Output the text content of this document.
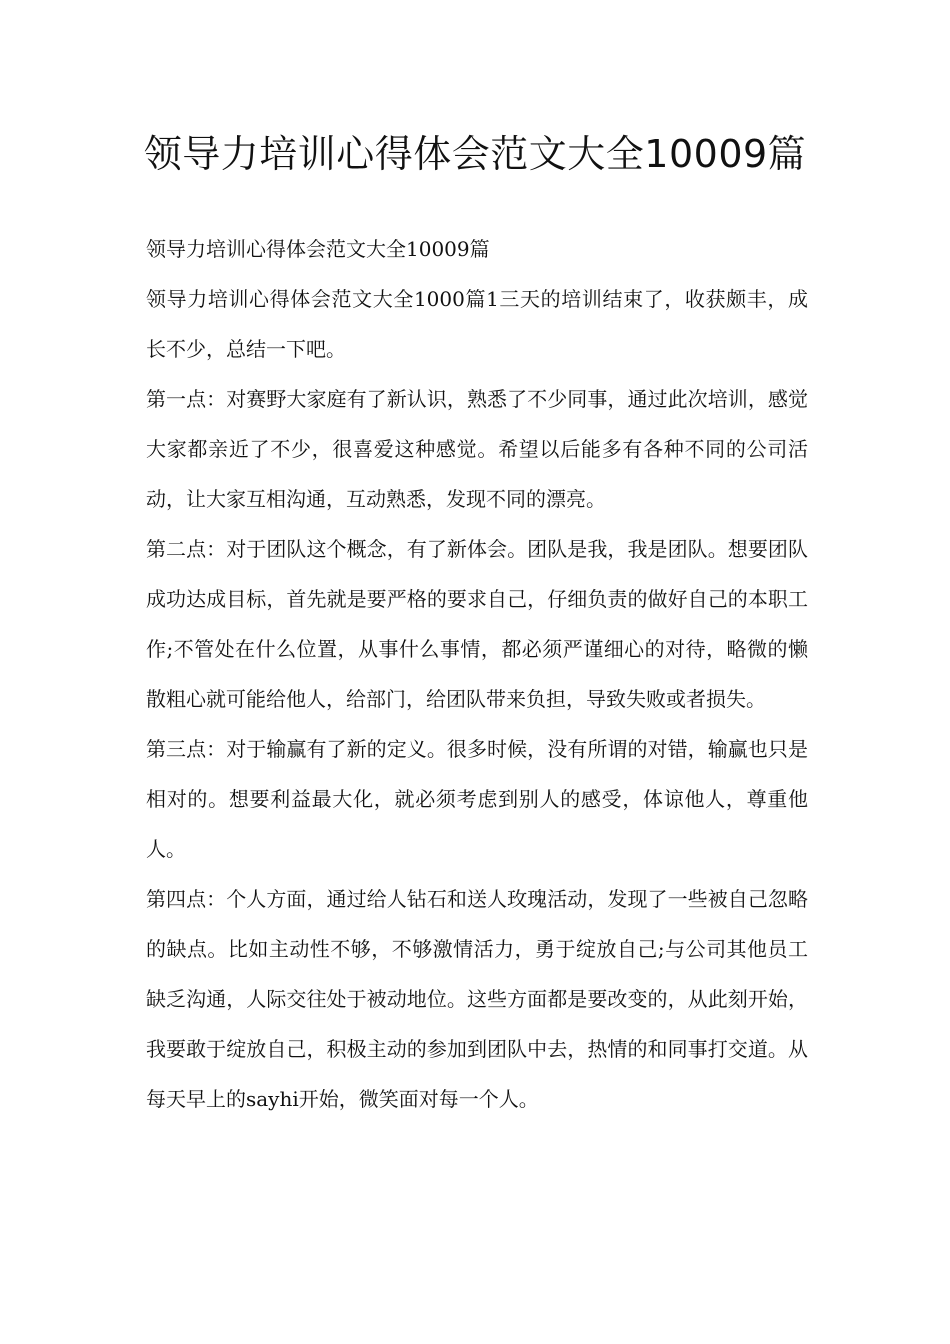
领导力培训心得体会范文大全10009篇

领导力培训心得体会范文大全10009篇

领导力培训心得体会范文大全1000篇1三天的培训结束了，收获颇丰，成长不少，总结一下吧。

第一点：对赛野大家庭有了新认识，熟悉了不少同事，通过此次培训，感觉大家都亲近了不少，很喜爱这种感觉。希望以后能多有各种不同的公司活动，让大家互相沟通，互动熟悉，发现不同的漂亮。

第二点：对于团队这个概念，有了新体会。团队是我，我是团队。想要团队成功达成目标，首先就是要严格的要求自己，仔细负责的做好自己的本职工作;不管处在什么位置，从事什么事情，都必须严谨细心的对待，略微的懒散粗心就可能给他人，给部门，给团队带来负担，导致失败或者损失。

第三点：对于输赢有了新的定义。很多时候，没有所谓的对错，输赢也只是相对的。想要利益最大化，就必须考虑到别人的感受，体谅他人，尊重他人。

第四点：个人方面，通过给人钻石和送人玫瑰活动，发现了一些被自己忽略的缺点。比如主动性不够，不够激情活力，勇于绽放自己;与公司其他员工缺乏沟通，人际交往处于被动地位。这些方面都是要改变的，从此刻开始，我要敢于绽放自己，积极主动的参加到团队中去，热情的和同事打交道。从每天早上的sayhi开始，微笑面对每一个人。
